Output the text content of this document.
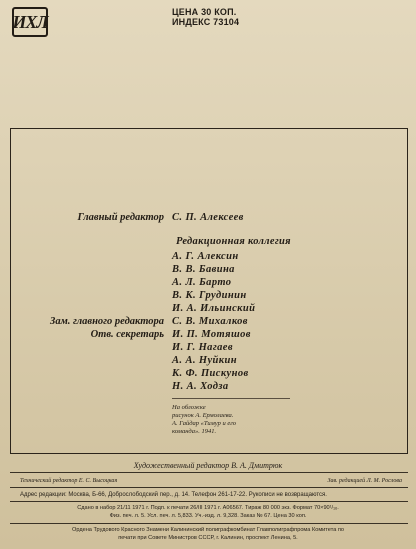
ИХЛ	ЦЕНА 30 КОП.
ИНДЕКС 73104
Главный редактор С. П. Алексеев
Редакционная коллегия
А. Г. Алексин
В. В. Бавина
А. Л. Барто
В. К. Грудинин
И. А. Ильинский
С. В. Михалков
Зам. главного редактора
И. П. Мотяшов
Отв. секретарь
И. Г. Нагаев
А. А. Нуйкин
К. Ф. Пискунов
Н. А. Ходза
На обложке
рисунок А. Ермолаева.
А. Гайдар «Тимур и его
команда». 1941.
Художественный редактор В. А. Дмитрюк
Технический редактор Е. С. Высоцкая	Зав. редакцией Л. М. Рослова
Адрес редакции: Москва, Б-66, Доброслободский пер., д. 14. Телефон 261-17-22. Рукописи не возвращаются.
Сдано в набор 21/11 1971 г. Подп. к печати 26/III 1971 г. А06567. Тираж 80 000 экз. Формат 70×90¹/₁₆.
Физ. печ. л. 5. Усл. печ. л. 5,833. Уч.-изд. л. 9,328. Заказ № 67. Цена 30 коп.
Ордена Трудового Красного Знамени Калининский полиграфкомбинат Главполиграфпрома Комитета по
печати при Совете Министров СССР, г. Калинин, проспект Ленина, 5.
